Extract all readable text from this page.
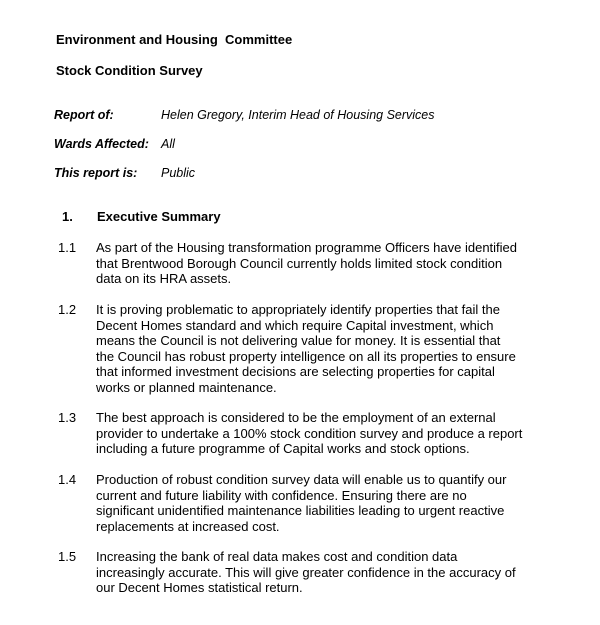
Environment and Housing  Committee
Stock Condition Survey
Report of:	Helen Gregory, Interim Head of Housing Services
Wards Affected: All
This report is: Public
1. Executive Summary
1.1 As part of the Housing transformation programme Officers have identified
that Brentwood Borough Council currently holds limited stock condition
data on its HRA assets.
1.2 It is proving problematic to appropriately identify properties that fail the
Decent Homes standard and which require Capital investment, which
means the Council is not delivering value for money. It is essential that
the Council has robust property intelligence on all its properties to ensure
that informed investment decisions are selecting properties for capital
works or planned maintenance.
1.3 The best approach is considered to be the employment of an external
provider to undertake a 100% stock condition survey and produce a report
including a future programme of Capital works and stock options.
1.4 Production of robust condition survey data will enable us to quantify our
current and future liability with confidence. Ensuring there are no
significant unidentified maintenance liabilities leading to urgent reactive
replacements at increased cost.
1.5 Increasing the bank of real data makes cost and condition data
increasingly accurate. This will give greater confidence in the accuracy of
our Decent Homes statistical return.
